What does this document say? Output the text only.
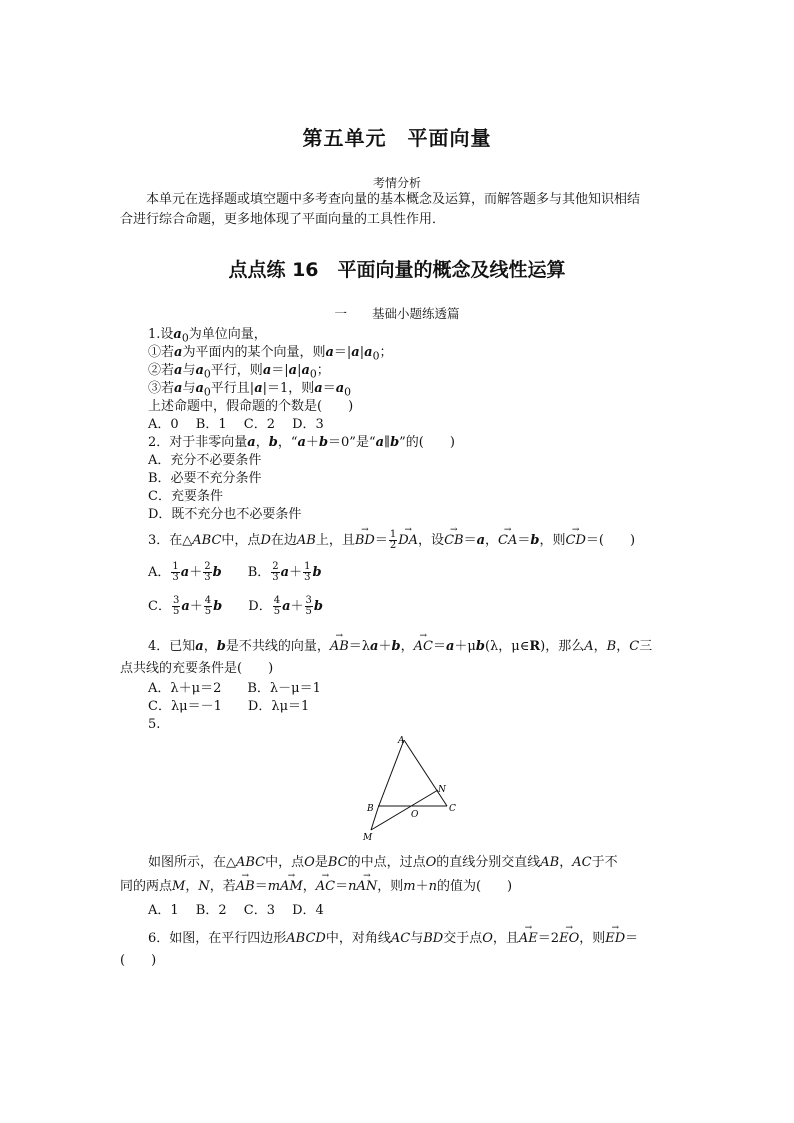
第五单元　平面向量
考情分析
本单元在选择题或填空题中多考查向量的基本概念及运算，而解答题多与其他知识相结
合进行综合命题，更多地体现了平面向量的工具性作用．
点点练 16　平面向量的概念及线性运算
一　　基础小题练透篇
1.设$a_0$为单位向量，
①若a为平面内的某个向量，则$a=|a|a_0$；
②若a与$a_0$平行，则$a=|a|a_0$；
③若a与$a_0$平行且|a|＝1，则$a=a_0$
上述命题中，假命题的个数是(　　)
A．0　 B．1　 C．2　 D．3
2．对于非零向量a，b，“a＋b＝0”是“a∥b”的(　　)
A．充分不必要条件
B．必要不充分条件
C．充要条件
D．既不充分也不必要条件
3．在△ABC中，点D在边AB上，且→ $BD= \frac{1}{2}$
→ DA，设→ CB＝a，→ CA＝b，则→ CD＝(　　)
A． $\frac{1}{3} a+ \frac{2}{3}$ b　　 B． $\frac{2}{3} a+ \frac{1}{3}$ b
C． $\frac{3}{5} a+ \frac{4}{5}$ b　　 D． $\frac{4}{5} a+ \frac{3}{5}$ b
4．已知a，b是不共线的向量，→ AB＝λa＋b，→ AC＝a＋μb(λ，μ∈R)，那么A，B，C三
点共线的充要条件是(　　)
A．λ＋μ＝2　　 B．λ－μ＝1
C．λμ＝－1　　 D．λμ＝1
5.
A
B	C
N
O
M
如图所示，在△ABC中，点O是BC的中点，过点O的直线分别交直线AB，AC于不
同的两点M，N，若→ AB＝m→ AM，→ AC＝n→ AN，则m＋n的值为(　　)
A．1　 B．2　 C．3　 D．4
6．如图，在平行四边形ABCD中，对角线AC与BD交于点O，且→ AE＝2→ EO，则→ ED＝
(　　)
